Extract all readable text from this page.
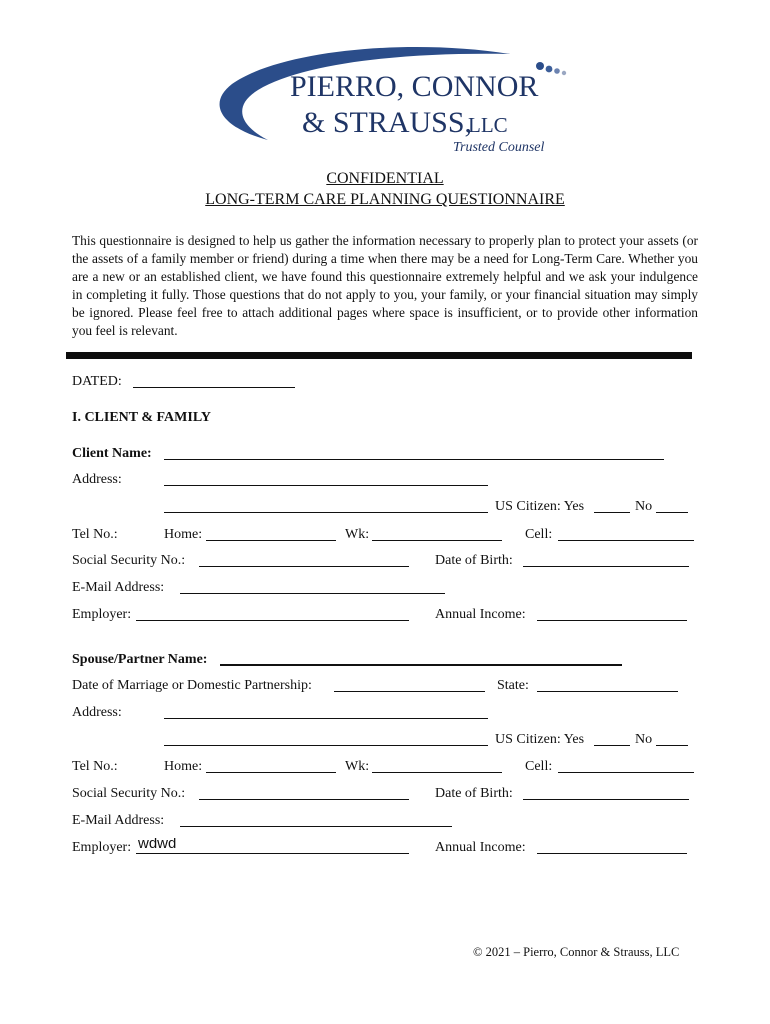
PIERRO, CONNOR
& STRAUSS,
LLC
Trusted Counsel
CONFIDENTIAL
LONG-TERM CARE PLANNING QUESTIONNAIRE
This questionnaire is designed to help us gather the information necessary to properly plan to protect your assets (or the assets of a family member or friend) during a time when there may be a need for Long-Term Care. Whether you are a new or an established client, we have found this questionnaire extremely helpful and we ask your indulgence in completing it fully. Those questions that do not apply to you, your family, or your financial situation may simply be ignored. Please feel free to attach additional pages where space is insufficient, or to provide other information you feel is relevant.
DATED:
I. CLIENT & FAMILY
Client Name:
Address:
US Citizen: Yes	No
Tel No.:	Home:	Wk:	Cell:
Social Security No.:	Date of Birth:
E-Mail Address:
Employer:	Annual Income:
Spouse/Partner Name:
Date of Marriage or Domestic Partnership:	State:
Address:
US Citizen: Yes	No
Tel No.:	Home:	Wk:	Cell:
Social Security No.:	Date of Birth:
E-Mail Address:
Employer: wdwd	Annual Income:
© 2021 – Pierro, Connor & Strauss, LLC
